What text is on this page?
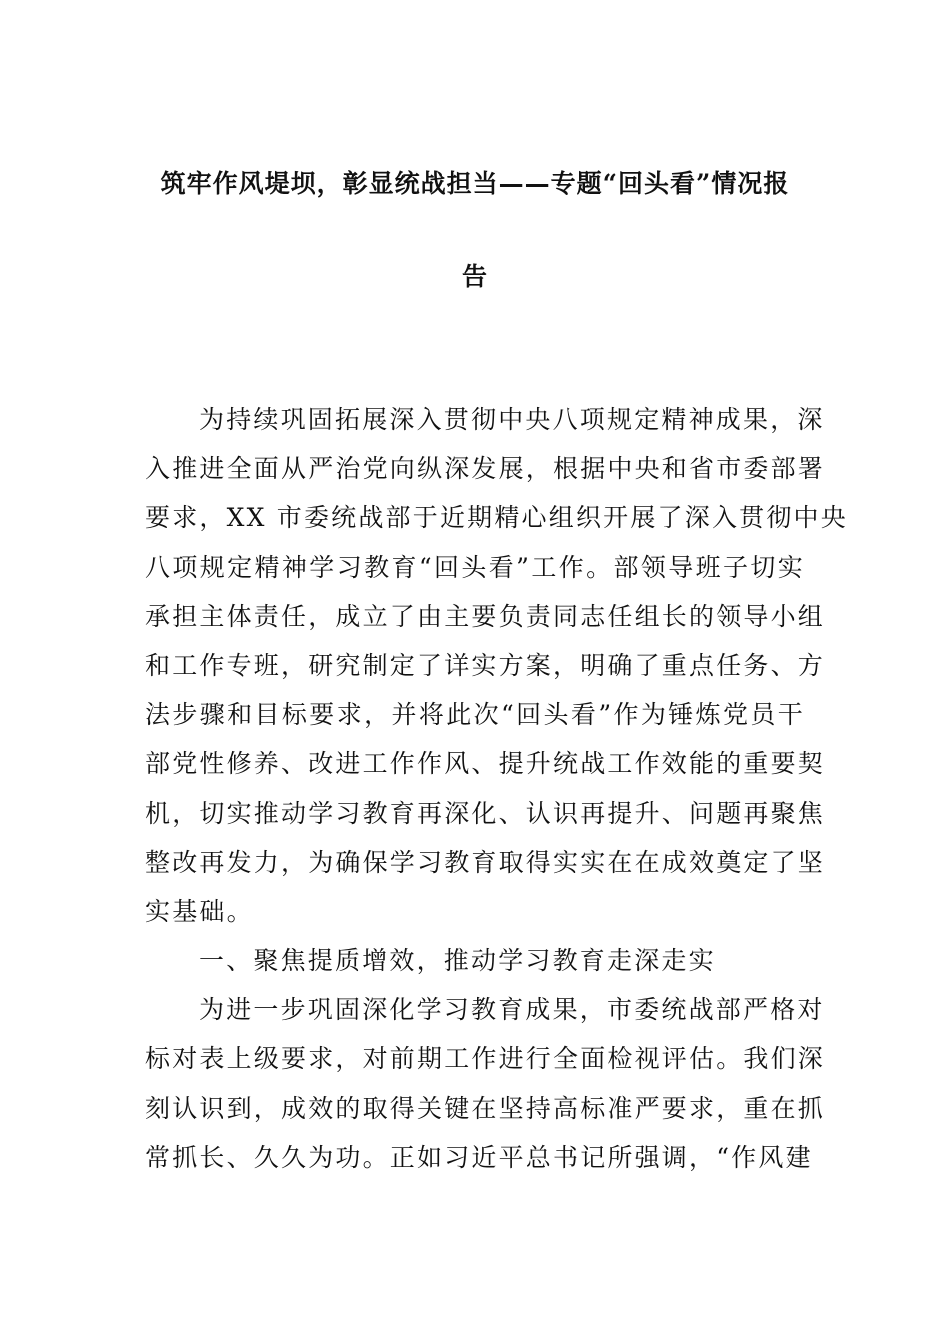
筑牢作风堤坝，彰显统战担当——专题“回头看”情况报
告
为持续巩固拓展深入贯彻中央八项规定精神成果，深
入推进全面从严治党向纵深发展，根据中央和省市委部署
要求，XX 市委统战部于近期精心组织开展了深入贯彻中央
八项规定精神学习教育“回头看”工作。部领导班子切实
承担主体责任，成立了由主要负责同志任组长的领导小组
和工作专班，研究制定了详实方案，明确了重点任务、方
法步骤和目标要求，并将此次“回头看”作为锤炼党员干
部党性修养、改进工作作风、提升统战工作效能的重要契
机，切实推动学习教育再深化、认识再提升、问题再聚焦
整改再发力，为确保学习教育取得实实在在成效奠定了坚
实基础。
一、聚焦提质增效，推动学习教育走深走实
为进一步巩固深化学习教育成果，市委统战部严格对
标对表上级要求，对前期工作进行全面检视评估。我们深
刻认识到，成效的取得关键在坚持高标准严要求，重在抓
常抓长、久久为功。正如习近平总书记所强调，“作风建
